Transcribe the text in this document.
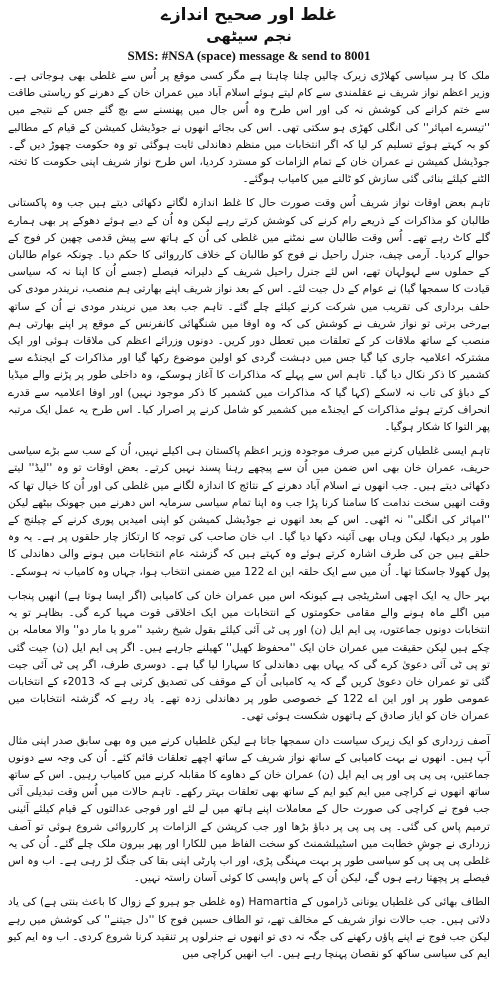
غلط اور صحیح اندازے

نجم سیٹھی

SMS: #NSA (space) message & send to 8001

ملک کا ہر سیاسی کھلاڑی زیرک چالیں چلنا چاہتا ہے مگر کسی موقع پر اُس سے غلطی بھی ہوجاتی ہے۔ وزیر اعظم نواز شریف نے عقلمندی سے کام لیتے ہوئے اسلام آباد میں عمران خان کے دھرنے کو ریاستی طاقت سے ختم کرانے کی کوشش نہ کی اور اس طرح وہ اُس جال میں پھنسنے سے بچ گئے جس کے نتیجے میں ''تیسرے امپائر'' کی انگلی کھڑی ہو سکتی تھی۔ اس کی بجائے انھوں نے جوڈیشل کمیشن کے قیام کے مطالبے کو بہ کہتے ہوئے تسلیم کر لیا کہ اگر انتخابات میں منظم دھاندلی ثابت ہوگئی تو وہ حکومت چھوڑ دیں گے۔ جوڈیشل کمیشن نے عمران خان کے تمام الزامات کو مسترد کردیا، اس طرح نواز شریف اپنی حکومت کا تختہ الٹنے کیلئے بنائی گئی سازش کو ٹالنے میں کامیاب ہوگئے۔

تاہم بعض اوقات نواز شریف اُس وقت صورت حال کا غلط اندازہ لگاتے دکھائی دیتے ہیں جب وہ پاکستانی طالبان کو مذاکرات کے ذریعے رام کرنے کی کوشش کرتے رہے لیکن وہ اُن کے دیے ہوئے دھوکے پر بھی ہمارے گلے کاٹ رہے تھے۔ اُس وقت طالبان سے نمٹنے میں غلطی کی اُن کے ہاتھ سے پیش قدمی چھین کر فوج کے حوالے کردیا۔ آرمی چیف، جنرل راحیل نے فوج کو طالبان کے خلاف کارروائی کا حکم دیا۔ چونکہ عوام طالبان کے حملوں سے لہولہان تھے، اس لئے جنرل راحیل شریف کے دلیرانہ فیصلے (جسے اُن کا اپنا نہ کہ سیاسی قیادت کا سمجھا گیا) نے عوام کے دل جیت لئے۔ اس کے بعد نواز شریف اپنے بھارتی ہم منصب، نریندر مودی کی حلف برداری کی تقریب میں شرکت کرنے کیلئے چلے گئے۔ تاہم جب بعد میں نریندر مودی نے اُن کے ساتھ بےرخی برتی تو نواز شریف نے کوشش کی کہ وہ اوفا میں شنگھائی کانفرنس کے موقع پر اپنے بھارتی ہم منصب کے ساتھ ملاقات کر کے تعلقات میں تعطل دور کریں۔ دونوں وزرائے اعظم کی ملاقات ہوئی اور ایک مشترکہ اعلامیہ جاری کیا گیا جس میں دہشت گردی کو اولین موضوع رکھا گیا اور مذاکرات کے ایجنڈے سے کشمیر کا ذکر نکال دیا گیا۔ تاہم اس سے پہلے کہ مذاکرات کا آغاز ہوسکے، وہ داخلی طور پر پڑنے والے میڈیا کے دباؤ کی تاب نہ لاسکے (کہا گیا کہ مذاکرات میں کشمیر کا ذکر موجود نہیں) اور اوفا اعلامیہ سے قدرے انحراف کرتے ہوئے مذاکرات کے ایجنڈے میں کشمیر کو شامل کرنے پر اصرار کیا۔ اس طرح یہ عمل ایک مرتبہ پھر التوا کا شکار ہوگیا۔

تاہم ایسی غلطیاں کرنے میں صرف موجودہ وزیر اعظم پاکستان ہی اکیلے نہیں، اُن کے سب سے بڑے سیاسی حریف، عمران خان بھی اس ضمن میں اُن سے پیچھے رہنا پسند نہیں کرتے۔ بعض اوقات تو وہ ''لیڈ'' لیتے دکھائی دیتے ہیں۔ جب انھوں نے اسلام آباد دھرنے کے نتائج کا اندازہ لگانے میں غلطی کی اور اُن کا خیال تھا کہ وقت انھیں سخت ندامت کا سامنا کرنا پڑا جب وہ اپنا تمام سیاسی سرمایہ اس دھرنے میں جھونک بیٹھے لیکن ''امپائر کی انگلی'' نہ اٹھی۔ اس کے بعد انھوں نے جوڈیشل کمیشن کو اپنی امیدیں پوری کرنے کے چیلنج کے طور پر دیکھا، لیکن وہاں بھی آئینہ دکھا دیا گیا۔ اب خان صاحب کی توجہ کا ارتکاز چار حلقوں پر ہے۔ یہ وہ حلقے ہیں جن کی طرف اشارہ کرتے ہوئے وہ کہتے ہیں کہ گزشتہ عام انتخابات میں ہونے والی دھاندلی کا پول کھولا جاسکتا تھا۔ اُن میں سے ایک حلقہ این اے 122 میں ضمنی انتخاب ہوا، جہاں وہ کامیاب نہ ہوسکے۔

بہر حال یہ ایک اچھی اسٹریٹجی ہے کیونکہ اس میں عمران خان کی کامیابی (اگر ایسا ہوتا ہے) انھیں پنجاب میں اگلے ماہ ہونے والے مقامی حکومتوں کے انتخابات میں ایک اخلاقی قوت مہیا کرے گی۔ بظاہر تو یہ انتخابات دونوں جماعتوں، پی ایم ایل (ن) اور پی ٹی آئی کیلئے بقول شیخ رشید ''مرو یا مار دو'' والا معاملہ بن چکے ہیں لیکن حقیقت میں عمران خان ایک ''محفوظ کھیل'' کھیلنے جارہے ہیں۔ اگر پی ایم ایل (ن) جیت گئی تو پی ٹی آئی دعویٰ کرے گی کہ یہاں بھی دھاندلی کا سہارا لیا گیا ہے۔ دوسری طرف، اگر پی ٹی آئی جیت گئی تو عمران خان دعویٰ کریں گے کہ یہ کامیابی اُن کے موقف کی تصدیق کرتی ہے کہ 2013ء کے انتخابات عمومی طور پر اور این اے 122 کے خصوصی طور پر دھاندلی زدہ تھے۔ یاد رہے کہ گزشتہ انتخابات میں عمران خان کو ایاز صادق کے ہاتھوں شکست ہوئی تھی۔

آصف زرداری کو ایک زیرک سیاست دان سمجھا جاتا ہے لیکن غلطیاں کرنے میں وہ بھی سابق صدر اپنی مثال آپ ہیں۔ انھوں نے بہت کامیابی کے ساتھ نواز شریف کے ساتھ اچھے تعلقات قائم کئے۔ اُن کی وجہ سے دونوں جماعتیں، پی پی پی اور پی ایم ایل (ن) عمران خان کے دھاوے کا مقابلہ کرنے میں کامیاب رہیں۔ اس کے ساتھ ساتھ انھوں نے کراچی میں ایم کیو ایم کے ساتھ بھی تعلقات بہتر رکھے۔ تاہم حالات میں اُس وقت تبدیلی آئی جب فوج نے کراچی کی صورت حال کے معاملات اپنے ہاتھ میں لے لئے اور فوجی عدالتوں کے قیام کیلئے آئینی ترمیم پاس کی گئی۔ پی پی پی پر دباؤ بڑھا اور جب کرپشن کے الزامات پر کارروائی شروع ہوئی تو آصف زرداری نے جوشِ خطابت میں اسٹیبلشمنٹ کو سخت الفاظ میں للکارا اور پھر بیرون ملک چلے گئے۔ اُن کی یہ غلطی پی پی پی کو سیاسی طور پر بہت مہنگی پڑی، اور اب پارٹی اپنی بقا کی جنگ لڑ رہی ہے۔ اب وہ اس فیصلے پر پچھتا رہے ہوں گے، لیکن اُن کے پاس واپسی کا کوئی آسان راستہ نہیں۔

الطاف بھائی کی غلطیاں یونانی ڈراموں کے Hamartia (وہ غلطی جو ہیرو کے زوال کا باعث بنتی ہے) کی یاد دلاتی ہیں۔ جب حالات نواز شریف کے مخالف تھے، تو الطاف حسین فوج کا ''دل جیتنے'' کی کوشش میں رہے لیکن جب فوج نے اپنے پاؤں رکھنے کی جگہ نہ دی تو انھوں نے جنرلوں پر تنقید کرنا شروع کردی۔ اب وہ ایم کیو ایم کی سیاسی ساکھ کو نقصان پہنچا رہے ہیں۔ اب انھیں کراچی میں
